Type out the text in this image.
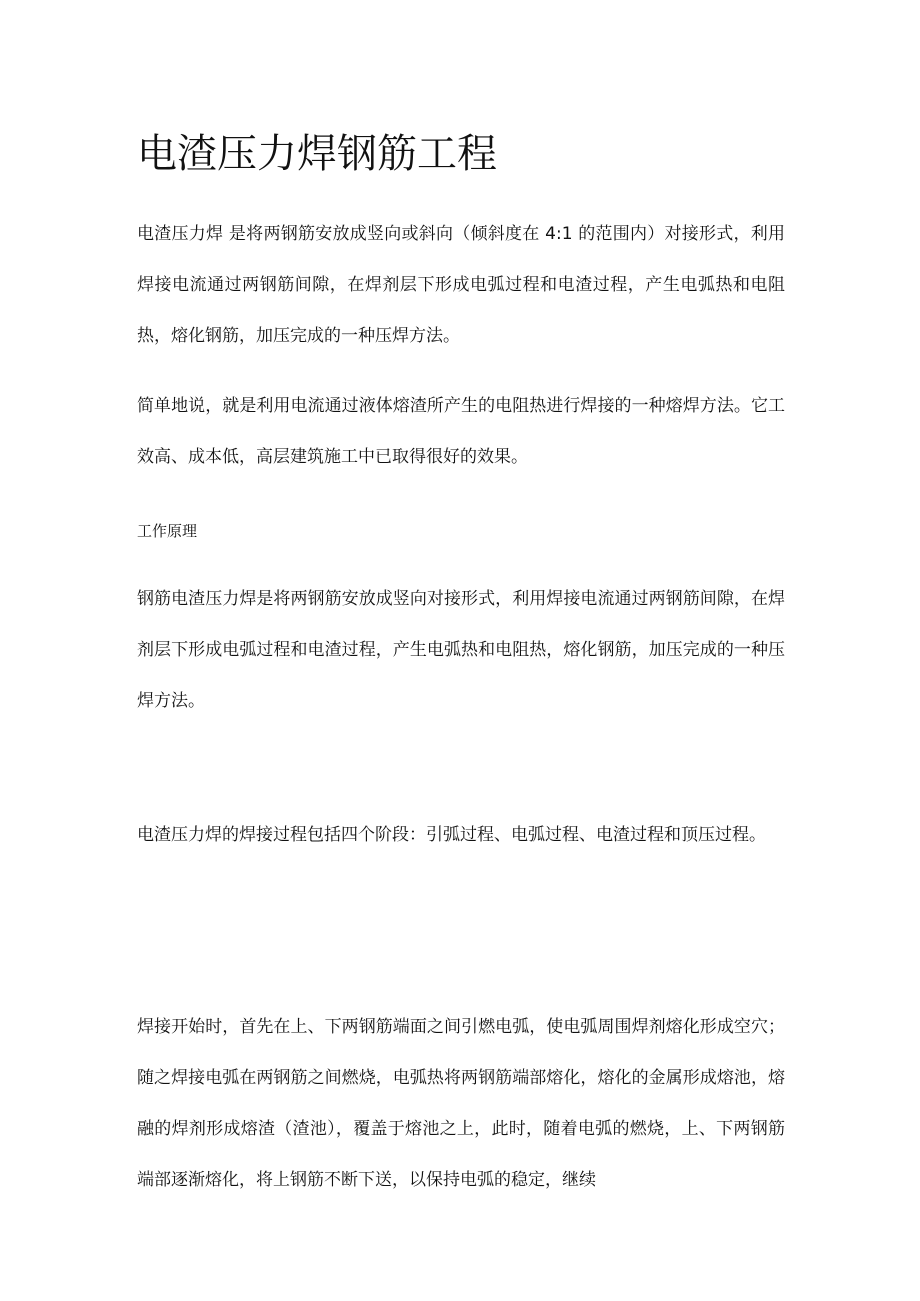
电渣压力焊钢筋工程

电渣压力焊 是将两钢筋安放成竖向或斜向（倾斜度在 4:1 的范围内）对接形式，利用焊接电流通过两钢筋间隙，在焊剂层下形成电弧过程和电渣过程，产生电弧热和电阻热，熔化钢筋，加压完成的一种压焊方法。

简单地说，就是利用电流通过液体熔渣所产生的电阻热进行焊接的一种熔焊方法。它工效高、成本低，高层建筑施工中已取得很好的效果。

工作原理

钢筋电渣压力焊是将两钢筋安放成竖向对接形式，利用焊接电流通过两钢筋间隙，在焊剂层下形成电弧过程和电渣过程，产生电弧热和电阻热，熔化钢筋，加压完成的一种压焊方法。

电渣压力焊的焊接过程包括四个阶段：引弧过程、电弧过程、电渣过程和顶压过程。

焊接开始时，首先在上、下两钢筋端面之间引燃电弧，使电弧周围焊剂熔化形成空穴；随之焊接电弧在两钢筋之间燃烧，电弧热将两钢筋端部熔化，熔化的金属形成熔池，熔融的焊剂形成熔渣（渣池），覆盖于熔池之上，此时，随着电弧的燃烧，上、下两钢筋端部逐渐熔化，将上钢筋不断下送，以保持电弧的稳定，继续
